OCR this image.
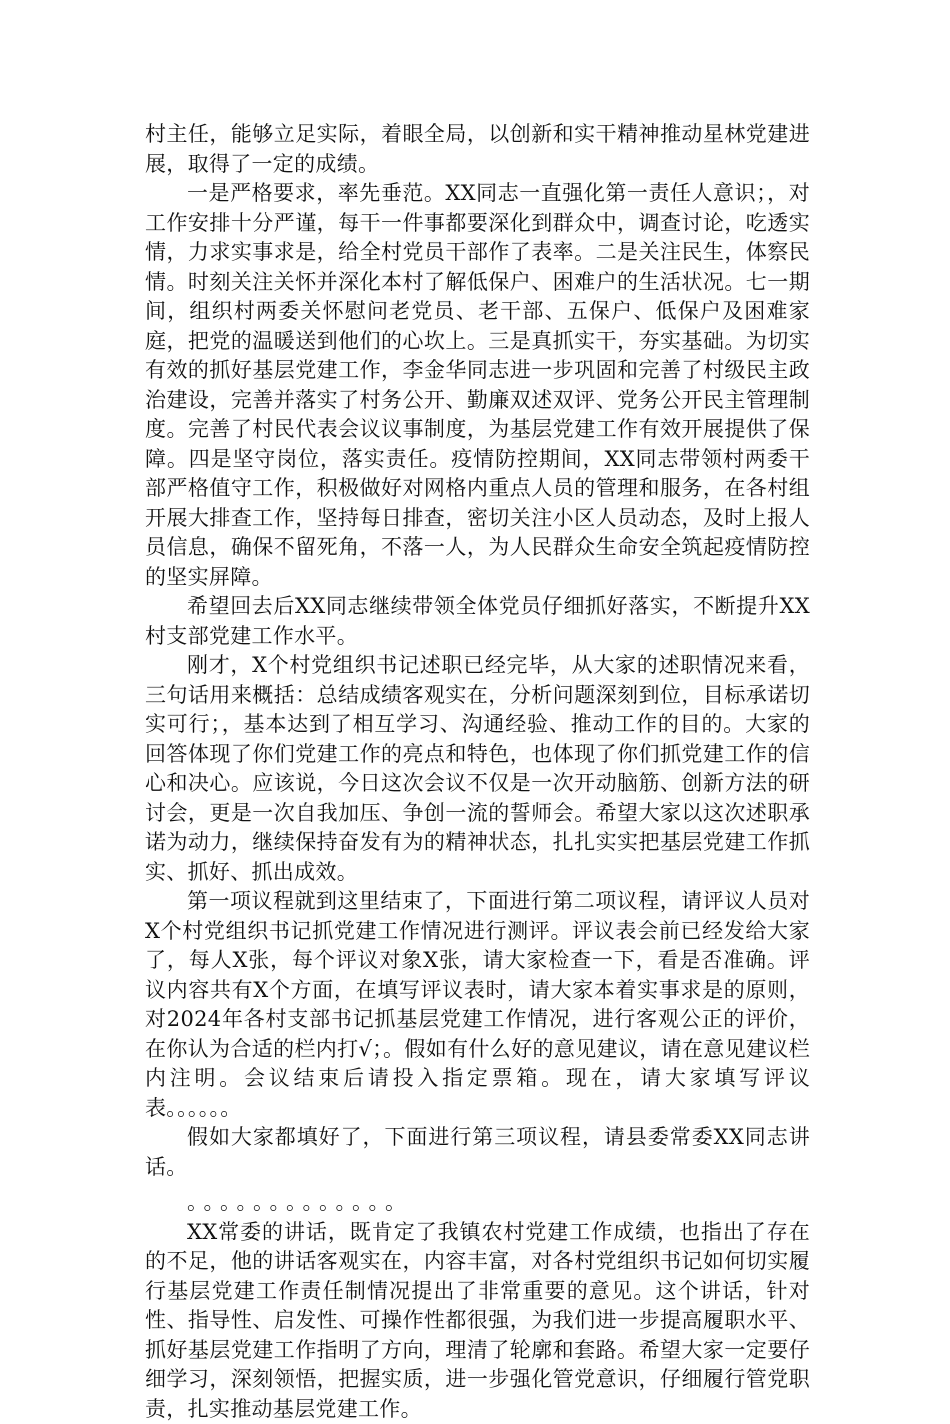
村主任，能够立足实际，着眼全局，以创新和实干精神推动星林党建进展，取得了一定的成绩。

一是严格要求，率先垂范。XX同志一直强化第一责任人意识；，对工作安排十分严谨，每干一件事都要深化到群众中，调查讨论，吃透实情，力求实事求是，给全村党员干部作了表率。二是关注民生，体察民情。时刻关注关怀并深化本村了解低保户、困难户的生活状况。七一期间，组织村两委关怀慰问老党员、老干部、五保户、低保户及困难家庭，把党的温暖送到他们的心坎上。三是真抓实干，夯实基础。为切实有效的抓好基层党建工作，李金华同志进一步巩固和完善了村级民主政治建设，完善并落实了村务公开、勤廉双述双评、党务公开民主管理制度。完善了村民代表会议议事制度，为基层党建工作有效开展提供了保障。四是坚守岗位，落实责任。疫情防控期间，XX同志带领村两委干部严格值守工作，积极做好对网格内重点人员的管理和服务，在各村组开展大排查工作，坚持每日排查，密切关注小区人员动态，及时上报人员信息，确保不留死角，不落一人，为人民群众生命安全筑起疫情防控的坚实屏障。

希望回去后XX同志继续带领全体党员仔细抓好落实，不断提升XX村支部党建工作水平。

刚才，X个村党组织书记述职已经完毕，从大家的述职情况来看，三句话用来概括：总结成绩客观实在，分析问题深刻到位，目标承诺切实可行；，基本达到了相互学习、沟通经验、推动工作的目的。大家的回答体现了你们党建工作的亮点和特色，也体现了你们抓党建工作的信心和决心。应该说，今日这次会议不仅是一次开动脑筋、创新方法的研讨会，更是一次自我加压、争创一流的誓师会。希望大家以这次述职承诺为动力，继续保持奋发有为的精神状态，扎扎实实把基层党建工作抓实、抓好、抓出成效。

第一项议程就到这里结束了，下面进行第二项议程，请评议人员对X个村党组织书记抓党建工作情况进行测评。评议表会前已经发给大家了，每人X张，每个评议对象X张，请大家检查一下，看是否准确。评议内容共有X个方面，在填写评议表时，请大家本着实事求是的原则，对2024年各村支部书记抓基层党建工作情况，进行客观公正的评价，在你认为合适的栏内打√；。假如有什么好的意见建议，请在意见建议栏内注明。会议结束后请投入指定票箱。现在，请大家填写评议表。。。。。。

假如大家都填好了，下面进行第三项议程，请县委常委XX同志讲话。

。。。。。。。。。。。。。

XX常委的讲话，既肯定了我镇农村党建工作成绩，也指出了存在的不足，他的讲话客观实在，内容丰富，对各村党组织书记如何切实履行基层党建工作责任制情况提出了非常重要的意见。这个讲话，针对性、指导性、启发性、可操作性都很强，为我们进一步提高履职水平、抓好基层党建工作指明了方向，理清了轮廓和套路。希望大家一定要仔细学习，深刻领悟，把握实质，进一步强化管党意识，仔细履行管党职责，扎实推动基层党建工作。
